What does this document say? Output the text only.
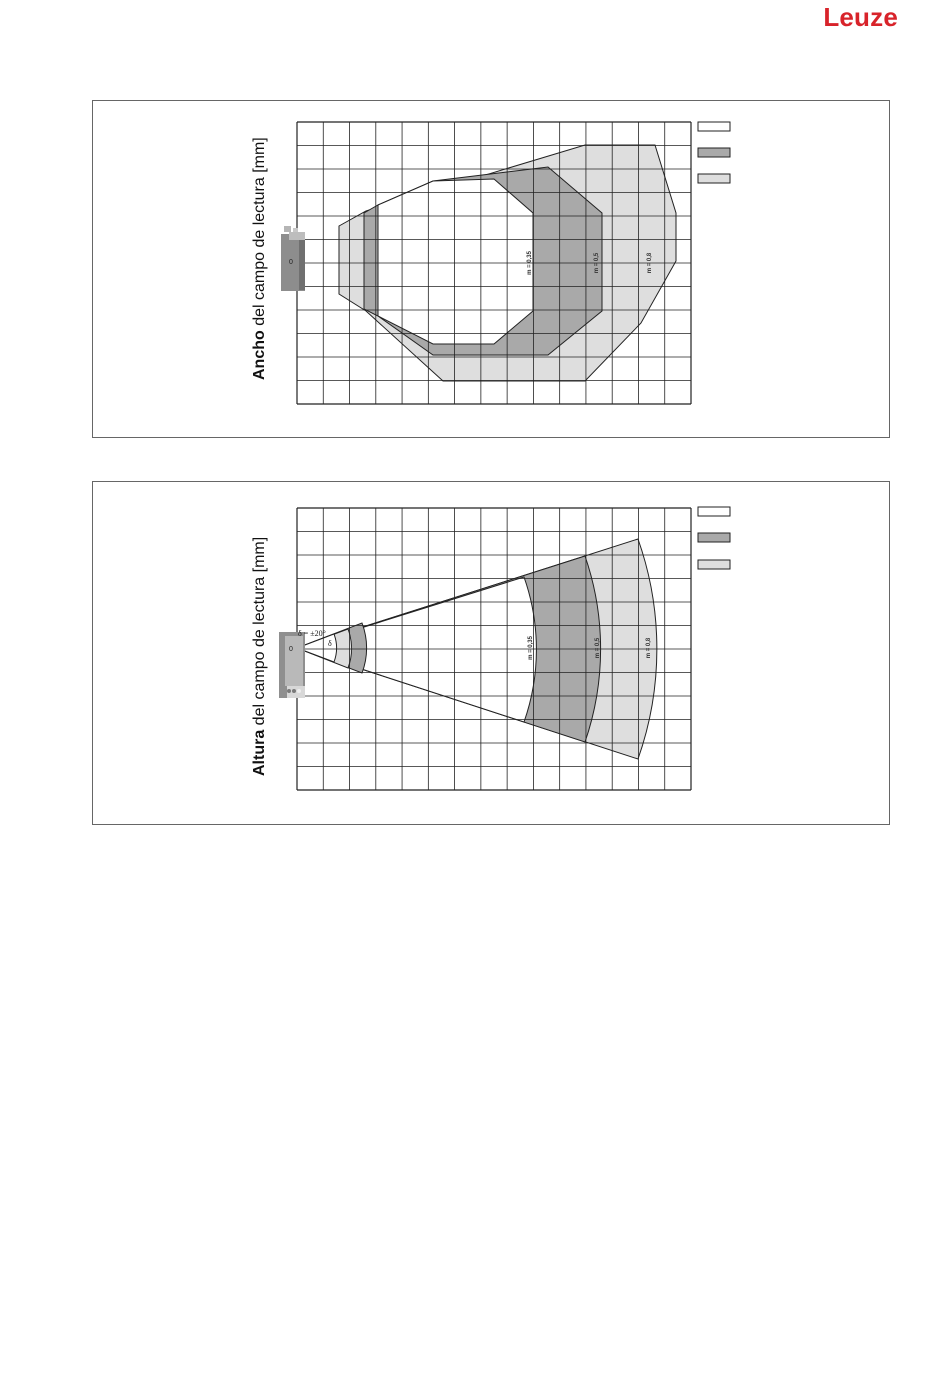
Leuze
m = 0,35	m = 0,5	m = 0,8
0
Ancho del campo de lectura [mm]
m = 0,35	m = 0,5	m = 0,8
0
δ = ±20°
δ
Altura del campo de lectura [mm]
